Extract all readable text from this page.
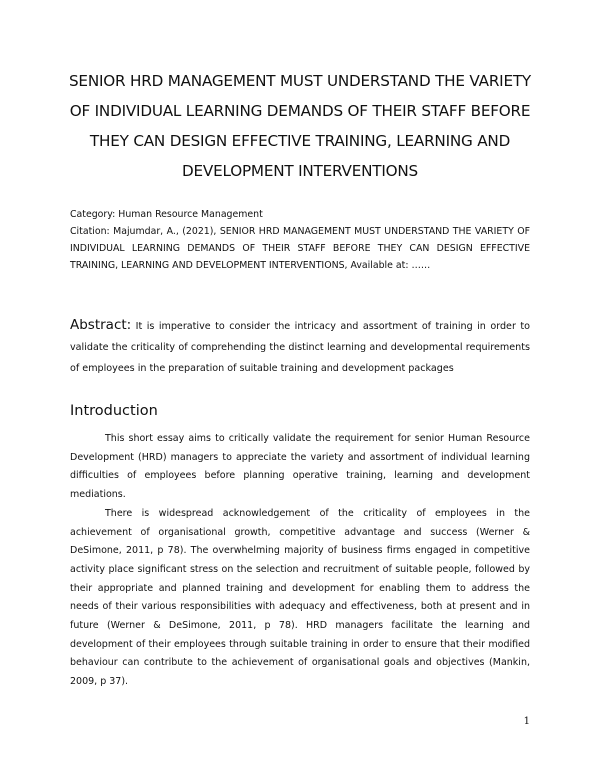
SENIOR HRD MANAGEMENT MUST UNDERSTAND THE VARIETY OF INDIVIDUAL LEARNING DEMANDS OF THEIR STAFF BEFORE THEY CAN DESIGN EFFECTIVE TRAINING, LEARNING AND DEVELOPMENT INTERVENTIONS

Category: Human Resource Management

Citation: Majumdar, A., (2021), SENIOR HRD MANAGEMENT MUST UNDERSTAND THE VARIETY OF INDIVIDUAL LEARNING DEMANDS OF THEIR STAFF BEFORE THEY CAN DESIGN EFFECTIVE TRAINING, LEARNING AND DEVELOPMENT INTERVENTIONS, Available at: ……

Abstract: It is imperative to consider the intricacy and assortment of training in order to validate the criticality of comprehending the distinct learning and developmental requirements of employees in the preparation of suitable training and development packages

Introduction

This short essay aims to critically validate the requirement for senior Human Resource Development (HRD) managers to appreciate the variety and assortment of individual learning difficulties of employees before planning operative training, learning and development mediations.

There is widespread acknowledgement of the criticality of employees in the achievement of organisational growth, competitive advantage and success (Werner & DeSimone, 2011, p 78). The overwhelming majority of business firms engaged in competitive activity place significant stress on the selection and recruitment of suitable people, followed by their appropriate and planned training and development for enabling them to address the needs of their various responsibilities with adequacy and effectiveness, both at present and in future (Werner & DeSimone, 2011, p 78). HRD managers facilitate the learning and development of their employees through suitable training in order to ensure that their modified behaviour can contribute to the achievement of organisational goals and objectives (Mankin, 2009, p 37).

1
